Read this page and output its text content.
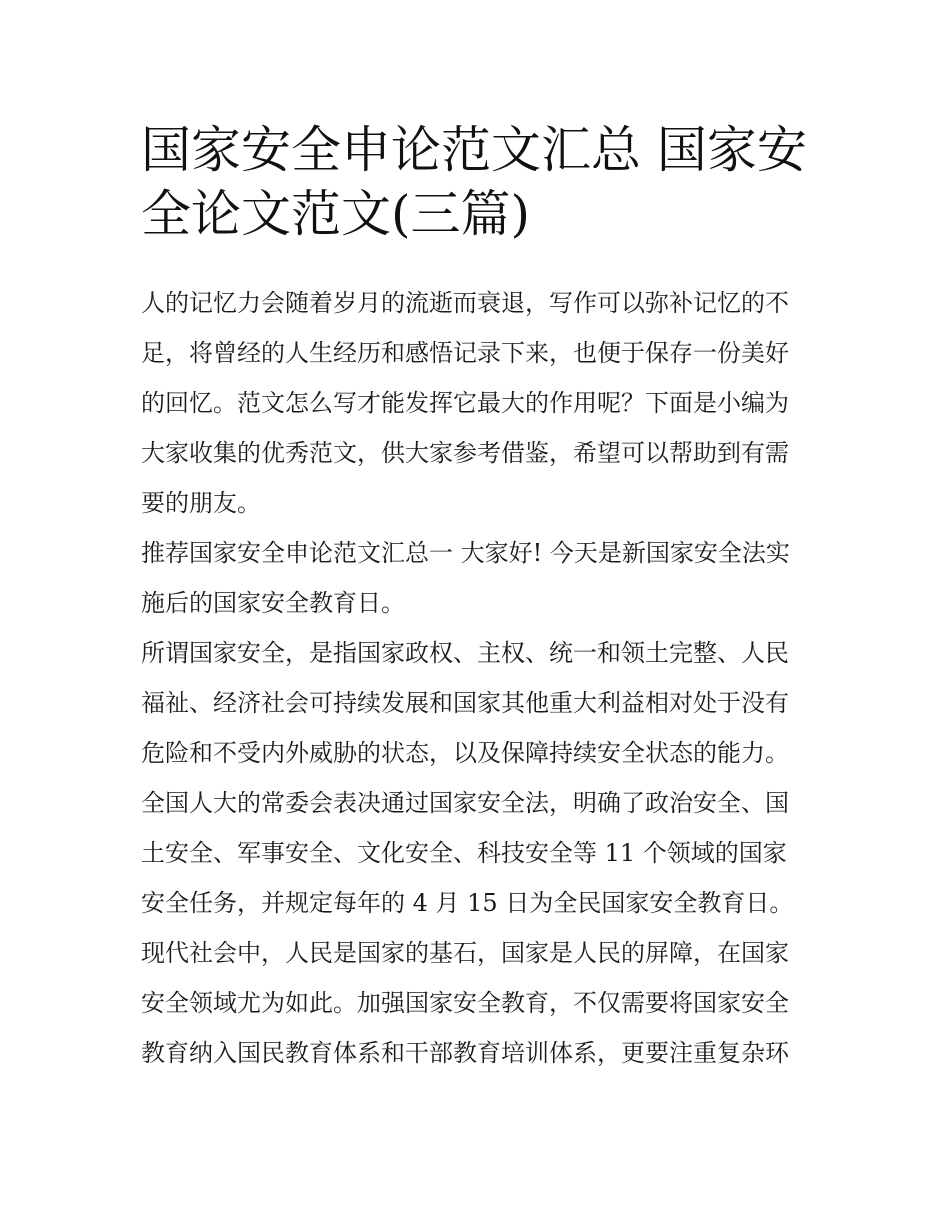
国家安全申论范文汇总 国家安
全论文范文(三篇)

人的记忆力会随着岁月的流逝而衰退，写作可以弥补记忆的不
足，将曾经的人生经历和感悟记录下来，也便于保存一份美好
的回忆。范文怎么写才能发挥它最大的作用呢？下面是小编为
大家收集的优秀范文，供大家参考借鉴，希望可以帮助到有需
要的朋友。

推荐国家安全申论范文汇总一 大家好! 今天是新国家安全法实
施后的国家安全教育日。

所谓国家安全，是指国家政权、主权、统一和领土完整、人民
福祉、经济社会可持续发展和国家其他重大利益相对处于没有
危险和不受内外威胁的状态，以及保障持续安全状态的能力。
全国人大的常委会表决通过国家安全法，明确了政治安全、国
土安全、军事安全、文化安全、科技安全等 11 个领域的国家
安全任务，并规定每年的 4 月 15 日为全民国家安全教育日。
现代社会中，人民是国家的基石，国家是人民的屏障，在国家
安全领域尤为如此。加强国家安全教育，不仅需要将国家安全
教育纳入国民教育体系和干部教育培训体系，更要注重复杂环
